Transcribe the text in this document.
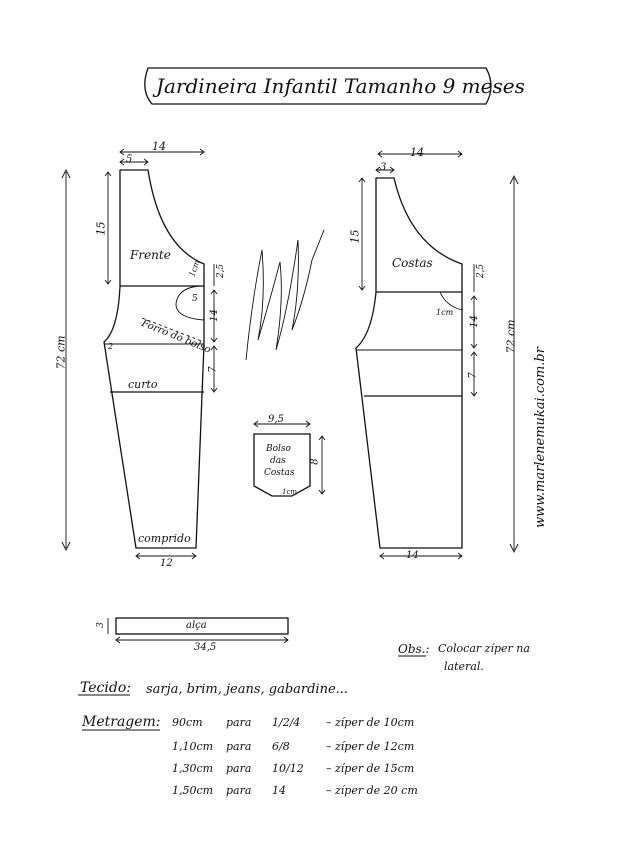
Jardineira Infantil Tamanho 9 meses
Frente
Forro do bolso
curto
comprido
14
5
15
72 cm
2,5
14
7
1cm
5
2
12
Costas
14
3
15
72 cm
2,5
14
7
1cm
14
Bolso
das
Costas
9,5
8
1cm
alça
3
34,5	Obs.: Colocar zíper na
lateral.
Tecido: sarja, brim, jeans, gabardine...
Metragem: 90cm para 1/2/4 – zíper de 10cm
1,10cm para 6/8	– zíper de 12cm
1,30cm para 10/12 – zíper de 15cm
1,50cm para 14	– zíper de 20 cm
www.marlenemukai.com.br
